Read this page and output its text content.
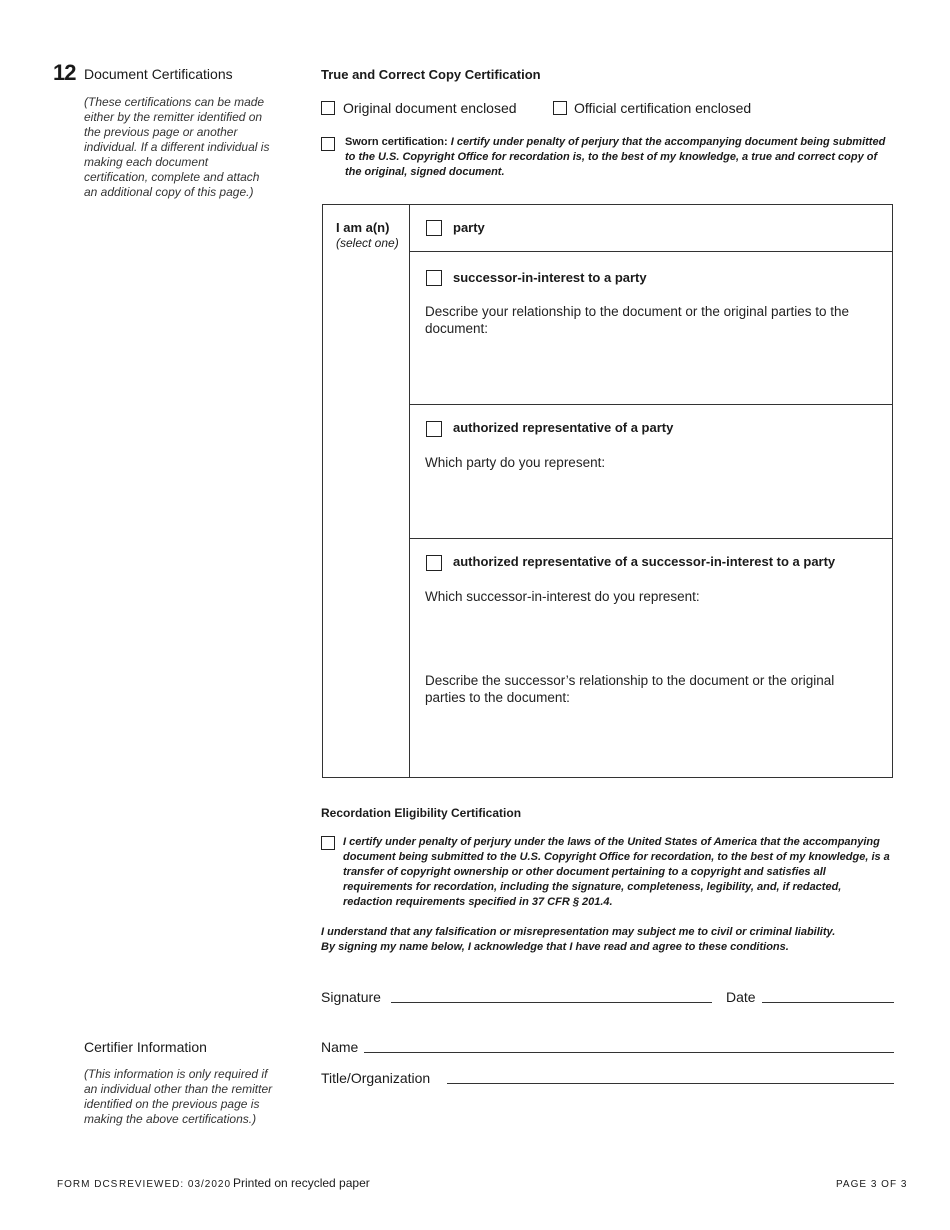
12 Document Certifications
(These certifications can be made either by the remitter identified on the previous page or another individual. If a different individual is making each document certification, complete and attach an additional copy of this page.)
True and Correct Copy Certification
Original document enclosed	Official certification enclosed
Sworn certification: I certify under penalty of perjury that the accompanying document being submitted to the U.S. Copyright Office for recordation is, to the best of my knowledge, a true and correct copy of the original, signed document.
I am a(n)
(select one)
party
successor-in-interest to a party
Describe your relationship to the document or the original parties to the document:
authorized representative of a party
Which party do you represent:
authorized representative of a successor-in-interest to a party
Which successor-in-interest do you represent:
Describe the successor’s relationship to the document or the original parties to the document:
Recordation Eligibility Certification
I certify under penalty of perjury under the laws of the United States of America that the accompanying document being submitted to the U.S. Copyright Office for recordation, to the best of my knowledge, is a transfer of copyright ownership or other document pertaining to a copyright and satisfies all requirements for recordation, including the signature, completeness, legibility, and, if redacted, redaction requirements specified in 37 CFR § 201.4.
I understand that any falsification or misrepresentation may subject me to civil or criminal liability.
By signing my name below, I acknowledge that I have read and agree to these conditions.
Signature	Date
Certifier Information
(This information is only required if an individual other than the remitter identified on the previous page is making the above certifications.)
Name
Title/Organization
FORM DCS REVIEWED: 03/2020 Printed on recycled paper	PAGE 3 OF 3
